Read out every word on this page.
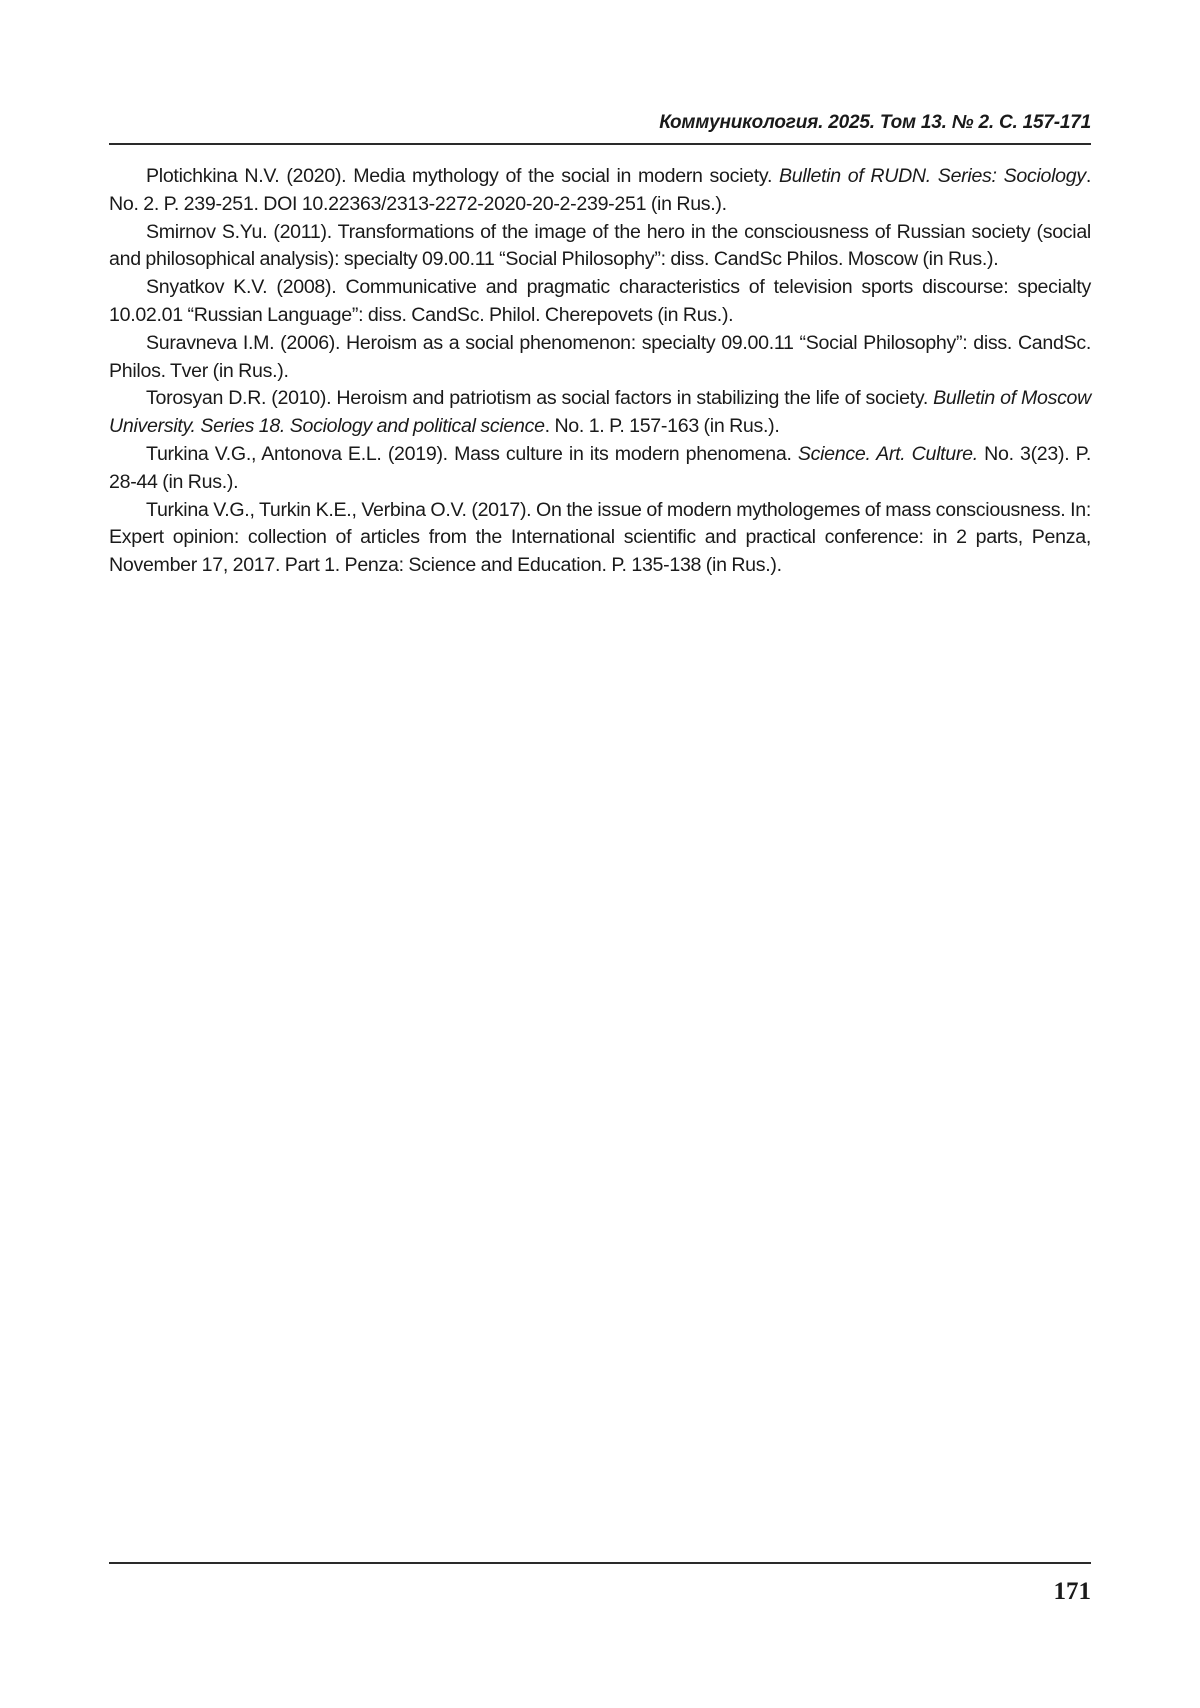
Коммуникология. 2025. Том 13. № 2. С. 157-171

Plotichkina N.V. (2020). Media mythology of the social in modern society. Bulletin of RUDN. Series: Sociology. No. 2. P. 239-251. DOI 10.22363/2313-2272-2020-20-2-239-251 (in Rus.).

Smirnov S.Yu. (2011). Transformations of the image of the hero in the consciousness of Russian society (social and philosophical analysis): specialty 09.00.11 “Social Philosophy”: diss. CandSc Philos. Moscow (in Rus.).

Snyatkov K.V. (2008). Communicative and pragmatic characteristics of television sports discourse: specialty 10.02.01 “Russian Language”: diss. CandSc. Philol. Cherepovets (in Rus.).

Suravneva I.M. (2006). Heroism as a social phenomenon: specialty 09.00.11 “Social Philosophy”: diss. CandSc. Philos. Tver (in Rus.).

Torosyan D.R. (2010). Heroism and patriotism as social factors in stabilizing the life of society. Bulletin of Moscow University. Series 18. Sociology and political science. No. 1. P. 157-163 (in Rus.).

Turkina V.G., Antonova E.L. (2019). Mass culture in its modern phenomena. Science. Art. Culture. No. 3(23). P. 28-44 (in Rus.).

Turkina V.G., Turkin K.E., Verbina O.V. (2017). On the issue of modern mythologemes of mass consciousness. In: Expert opinion: collection of articles from the International scientific and practical conference: in 2 parts, Penza, November 17, 2017. Part 1. Penza: Science and Education. P. 135-138 (in Rus.).

171
